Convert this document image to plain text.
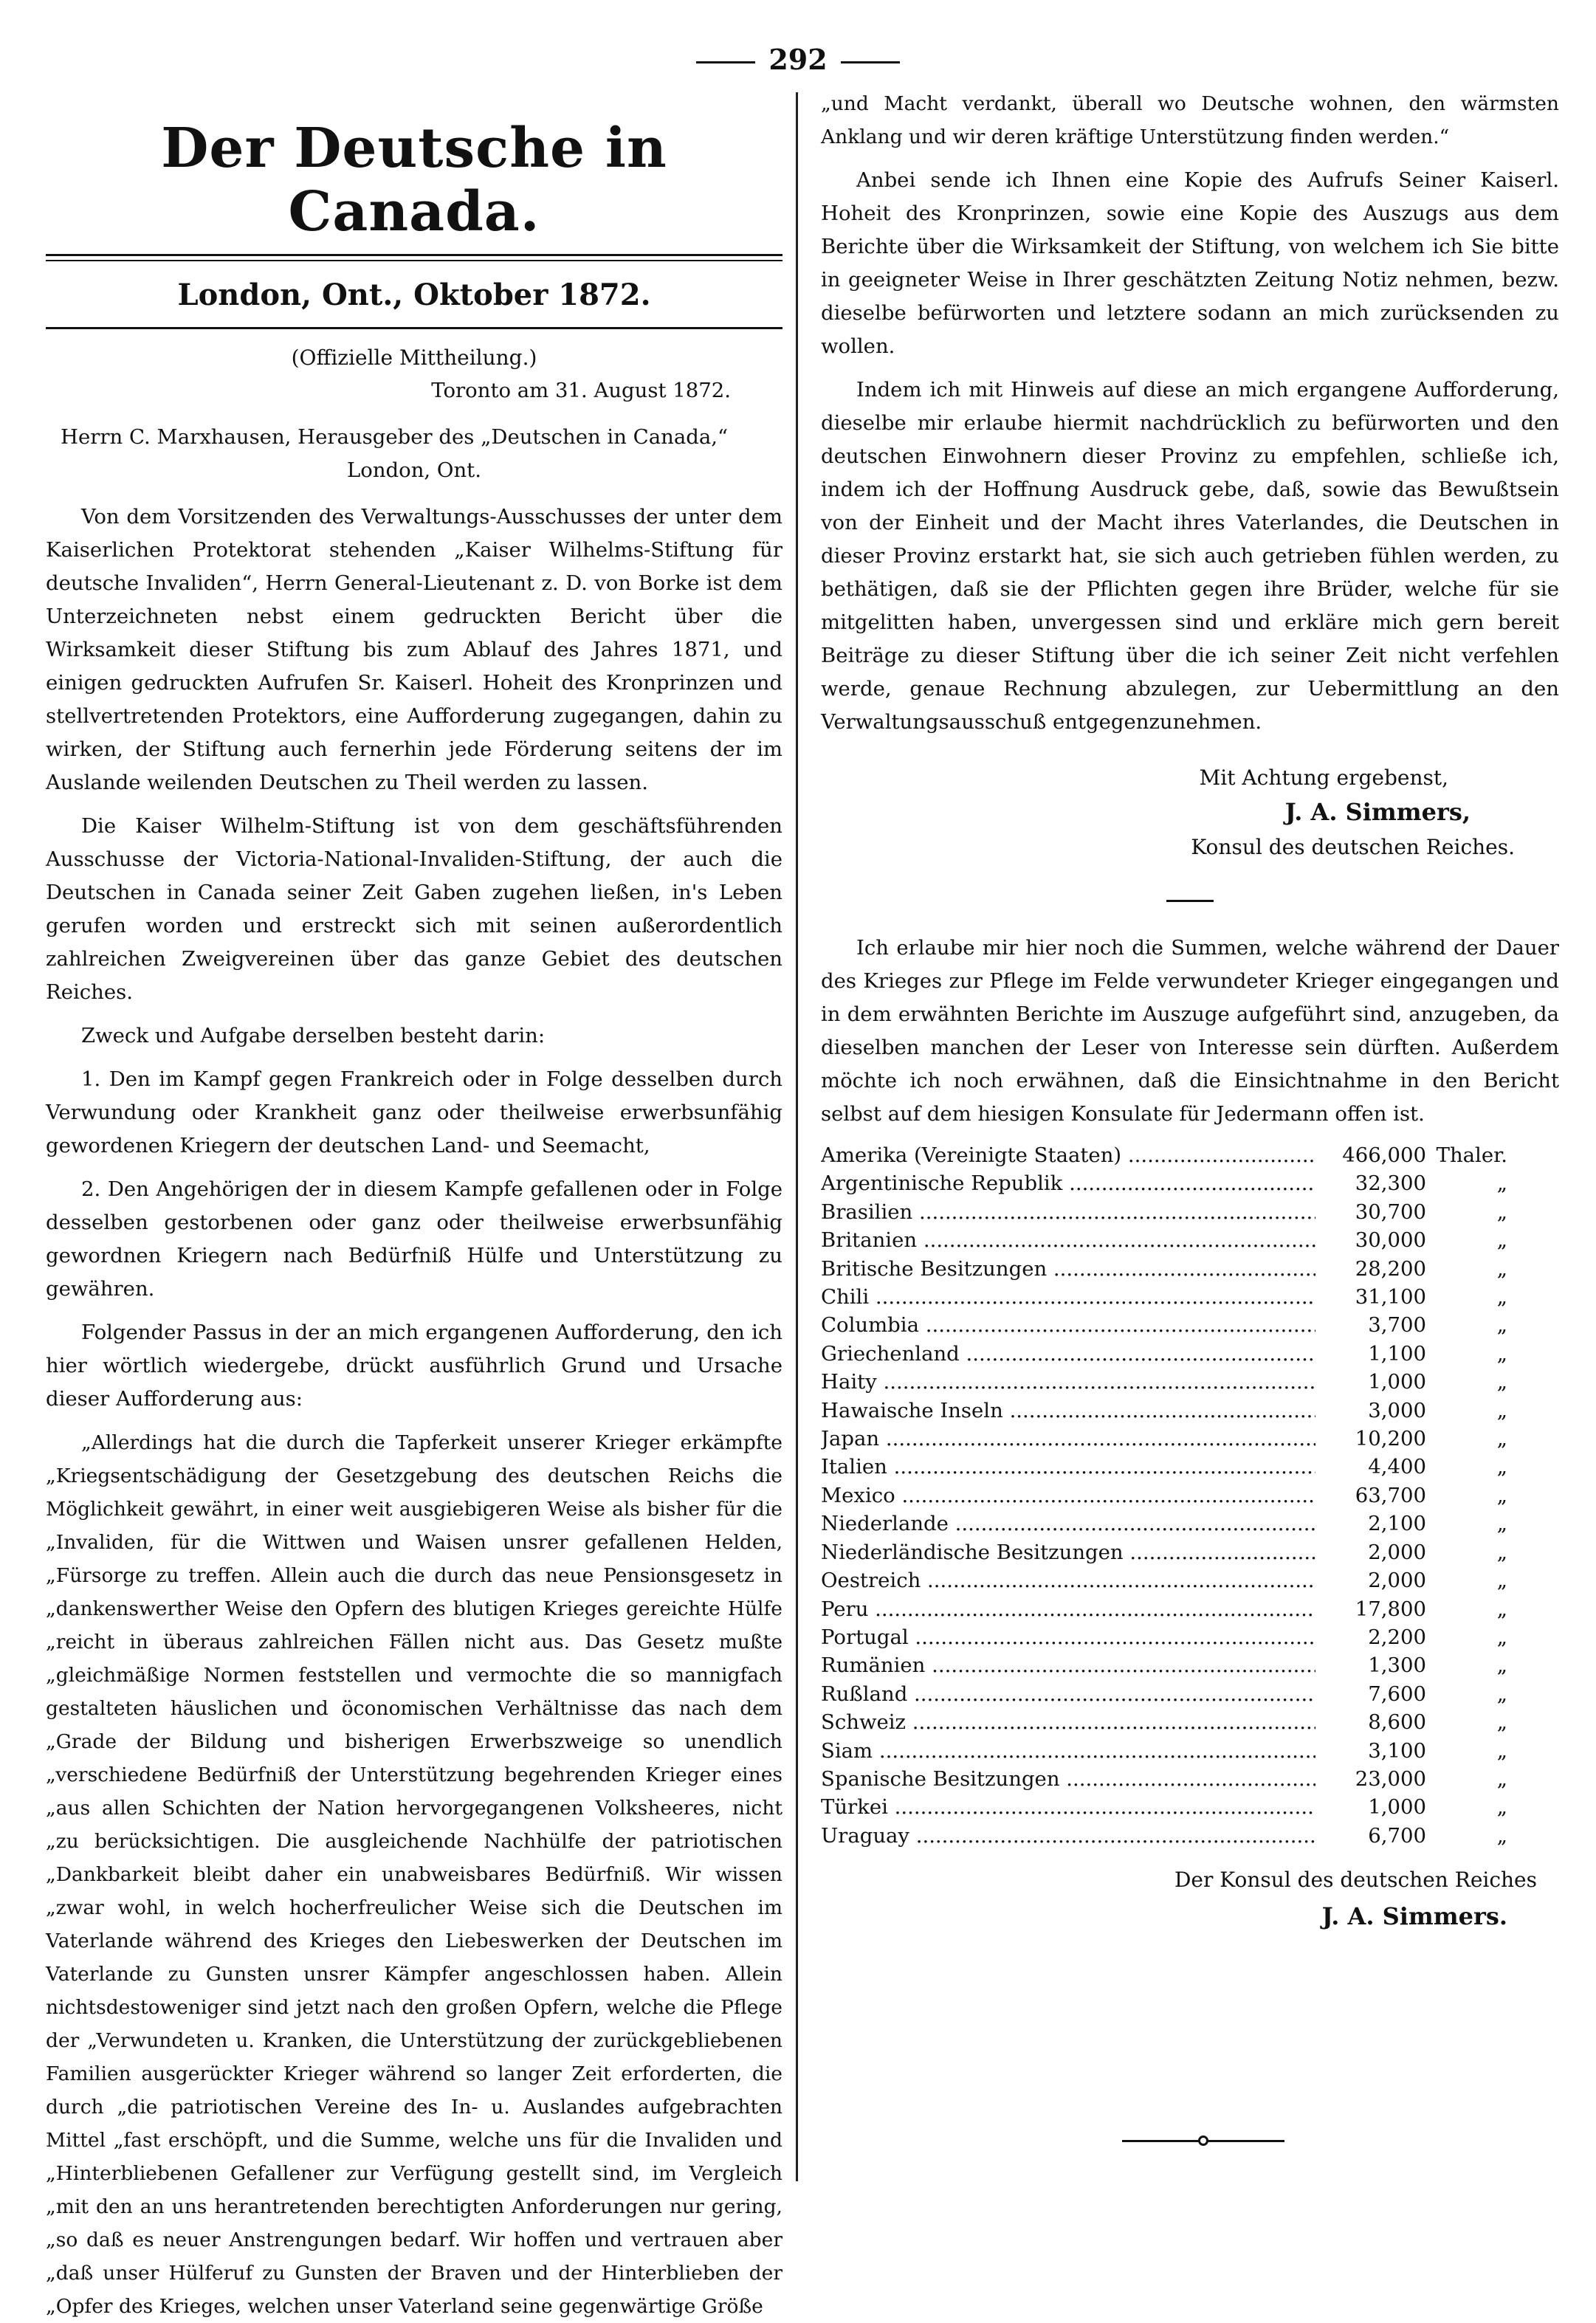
292
Der Deutsche in Canada.
London, Ont., Oktober 1872.
(Offizielle Mittheilung.)

Toronto am 31. August 1872.

Herrn C. Marxhausen, Herausgeber des „Deutschen in Canada,“

London, Ont.

Von dem Vorsitzenden des Verwaltungs-Ausschusses der unter dem Kaiserlichen Protektorat stehenden „Kaiser Wilhelms-Stiftung für deutsche Invaliden“, Herrn General-Lieutenant z. D. von Borke ist dem Unterzeichneten nebst einem gedruckten Bericht über die Wirksamkeit dieser Stiftung bis zum Ablauf des Jahres 1871, und einigen gedruckten Aufrufen Sr. Kaiserl. Hoheit des Kronprinzen und stellvertretenden Protektors, eine Aufforderung zugegangen, dahin zu wirken, der Stiftung auch fernerhin jede Förderung seitens der im Auslande weilenden Deutschen zu Theil werden zu lassen.

Die Kaiser Wilhelm-Stiftung ist von dem geschäftsführenden Ausschusse der Victoria-National-Invaliden-Stiftung, der auch die Deutschen in Canada seiner Zeit Gaben zugehen ließen, in's Leben gerufen worden und erstreckt sich mit seinen außerordentlich zahlreichen Zweigvereinen über das ganze Gebiet des deutschen Reiches.

Zweck und Aufgabe derselben besteht darin:

1. Den im Kampf gegen Frankreich oder in Folge desselben durch Verwundung oder Krankheit ganz oder theilweise erwerbsunfähig gewordenen Kriegern der deutschen Land- und Seemacht,

2. Den Angehörigen der in diesem Kampfe gefallenen oder in Folge desselben gestorbenen oder ganz oder theilweise erwerbsunfähig gewordnen Kriegern nach Bedürfniß Hülfe und Unterstützung zu gewähren.

Folgender Passus in der an mich ergangenen Aufforderung, den ich hier wörtlich wiedergebe, drückt ausführlich Grund und Ursache dieser Aufforderung aus:

„Allerdings hat die durch die Tapferkeit unserer Krieger erkämpfte „Kriegsentschädigung der Gesetzgebung des deutschen Reichs die Möglichkeit gewährt, in einer weit ausgiebigeren Weise als bisher für die „Invaliden, für die Wittwen und Waisen unsrer gefallenen Helden, „Fürsorge zu treffen. Allein auch die durch das neue Pensionsgesetz in „dankenswerther Weise den Opfern des blutigen Krieges gereichte Hülfe „reicht in überaus zahlreichen Fällen nicht aus. Das Gesetz mußte „gleichmäßige Normen feststellen und vermochte die so mannigfach gestalteten häuslichen und öconomischen Verhältnisse das nach dem „Grade der Bildung und bisherigen Erwerbszweige so unendlich „verschiedene Bedürfniß der Unterstützung begehrenden Krieger eines „aus allen Schichten der Nation hervorgegangenen Volksheeres, nicht „zu berücksichtigen. Die ausgleichende Nachhülfe der patriotischen „Dankbarkeit bleibt daher ein unabweisbares Bedürfniß. Wir wissen „zwar wohl, in welch hocherfreulicher Weise sich die Deutschen im Vaterlande während des Krieges den Liebeswerken der Deutschen im Vaterlande zu Gunsten unsrer Kämpfer angeschlossen haben. Allein nichtsdestoweniger sind jetzt nach den großen Opfern, welche die Pflege der „Verwundeten u. Kranken, die Unterstützung der zurückgebliebenen Familien ausgerückter Krieger während so langer Zeit erforderten, die durch „die patriotischen Vereine des In- u. Auslandes aufgebrachten Mittel „fast erschöpft, und die Summe, welche uns für die Invaliden und „Hinterbliebenen Gefallener zur Verfügung gestellt sind, im Vergleich „mit den an uns herantretenden berechtigten Anforderungen nur gering, „so daß es neuer Anstrengungen bedarf. Wir hoffen und vertrauen aber „daß unser Hülferuf zu Gunsten der Braven und der Hinterblieben der „Opfer des Krieges, welchen unser Vaterland seine gegenwärtige Größe

„und Macht verdankt, überall wo Deutsche wohnen, den wärmsten Anklang und wir deren kräftige Unterstützung finden werden.“

Anbei sende ich Ihnen eine Kopie des Aufrufs Seiner Kaiserl. Hoheit des Kronprinzen, sowie eine Kopie des Auszugs aus dem Berichte über die Wirksamkeit der Stiftung, von welchem ich Sie bitte in geeigneter Weise in Ihrer geschätzten Zeitung Notiz nehmen, bezw. dieselbe befürworten und letztere sodann an mich zurücksenden zu wollen.

Indem ich mit Hinweis auf diese an mich ergangene Aufforderung, dieselbe mir erlaube hiermit nachdrücklich zu befürworten und den deutschen Einwohnern dieser Provinz zu empfehlen, schließe ich, indem ich der Hoffnung Ausdruck gebe, daß, sowie das Bewußtsein von der Einheit und der Macht ihres Vaterlandes, die Deutschen in dieser Provinz erstarkt hat, sie sich auch getrieben fühlen werden, zu bethätigen, daß sie der Pflichten gegen ihre Brüder, welche für sie mitgelitten haben, unvergessen sind und erkläre mich gern bereit Beiträge zu dieser Stiftung über die ich seiner Zeit nicht verfehlen werde, genaue Rechnung abzulegen, zur Uebermittlung an den Verwaltungsausschuß entgegenzunehmen.

Mit Achtung ergebenst,
J. A. Simmers,
Konsul des deutschen Reiches.

Ich erlaube mir hier noch die Summen, welche während der Dauer des Krieges zur Pflege im Felde verwundeter Krieger eingegangen und in dem erwähnten Berichte im Auszuge aufgeführt sind, anzugeben, da dieselben manchen der Leser von Interesse sein dürften. Außerdem möchte ich noch erwähnen, daß die Einsichtnahme in den Bericht selbst auf dem hiesigen Konsulate für Jedermann offen ist.

Amerika (Vereinigte Staaten) .....	466,000 Thaler.
Argentinische Republik .....	32,300	„
Brasilien .....	30,700	„
Britanien .....	30,000	„
Britische Besitzungen .....	28,200	„
Chili .....	31,100	„
Columbia .....	3,700	„
Griechenland .....	1,100	„
Haity .....	1,000	„
Hawaische Inseln .....	3,000	„
Japan .....	10,200	„
Italien .....	4,400	„
Mexico .....	63,700	„
Niederlande .....	2,100	„
Niederländische Besitzungen .....	2,000	„
Oestreich .....	2,000	„
Peru .....	17,800	„
Portugal .....	2,200	„
Rumänien .....	1,300	„
Rußland .....	7,600	„
Schweiz .....	8,600	„
Siam .....	3,100	„
Spanische Besitzungen .....	23,000	„
Türkei .....	1,000	„
Uraguay .....	6,700	„
Der Konsul des deutschen Reiches
J. A. Simmers.
